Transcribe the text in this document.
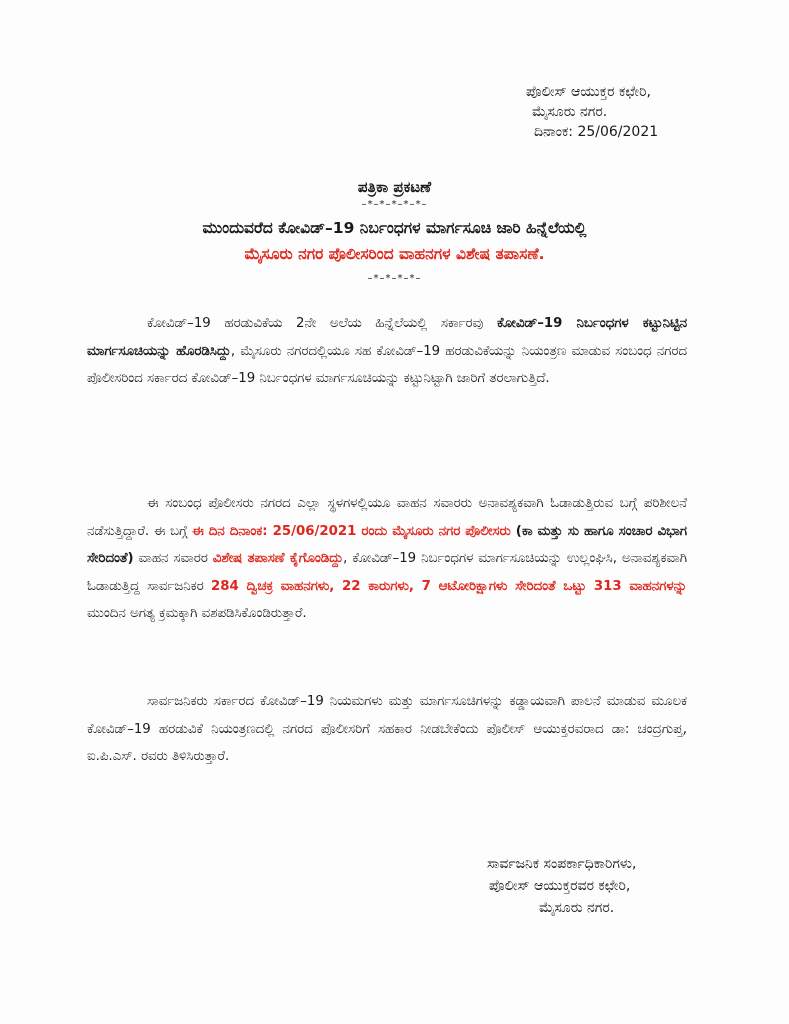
ಪೊಲೀಸ್ ಆಯುಕ್ತರ ಕಛೇರಿ,
ಮೈಸೂರು ನಗರ.
ದಿನಾಂಕ: 25/06/2021
ಪತ್ರಿಕಾ ಪ್ರಕಟಣೆ
–*–*–*–*–*–
ಮುಂದುವರೆದ ಕೋವಿಡ್–19 ನಿರ್ಬಂಧಗಳ ಮಾರ್ಗಸೂಚಿ ಜಾರಿ ಹಿನ್ನೆಲೆಯಲ್ಲಿ
ಮೈಸೂರು ನಗರ ಪೊಲೀಸರಿಂದ ವಾಹನಗಳ ವಿಶೇಷ ತಪಾಸಣೆ.
–*–*–*–*–
ಕೋವಿಡ್–19 ಹರಡುವಿಕೆಯ 2ನೇ ಅಲೆಯ ಹಿನ್ನೆಲೆಯಲ್ಲಿ ಸರ್ಕಾರವು ಕೋವಿಡ್–19 ನಿರ್ಬಂಧಗಳ ಕಟ್ಟುನಿಟ್ಟಿನ ಮಾರ್ಗಸೂಚಿಯನ್ನು ಹೊರಡಿಸಿದ್ದು, ಮೈಸೂರು ನಗರದಲ್ಲಿಯೂ ಸಹ ಕೋವಿಡ್–19 ಹರಡುವಿಕೆಯನ್ನು ನಿಯಂತ್ರಣ ಮಾಡುವ ಸಂಬಂಧ ನಗರದ ಪೊಲೀಸರಿಂದ ಸರ್ಕಾರದ ಕೋವಿಡ್–19 ನಿರ್ಬಂಧಗಳ ಮಾರ್ಗಸೂಚಿಯನ್ನು ಕಟ್ಟುನಿಟ್ಟಾಗಿ ಜಾರಿಗೆ ತರಲಾಗುತ್ತಿದೆ.
ಈ ಸಂಬಂಧ ಪೊಲೀಸರು ನಗರದ ಎಲ್ಲಾ ಸ್ಥಳಗಳಲ್ಲಿಯೂ ವಾಹನ ಸವಾರರು ಅನಾವಶ್ಯಕವಾಗಿ ಓಡಾಡುತ್ತಿರುವ ಬಗ್ಗೆ ಪರಿಶೀಲನೆ ನಡೆಸುತ್ತಿದ್ದಾರೆ. ಈ ಬಗ್ಗೆ ಈ ದಿನ ದಿನಾಂಕ: 25/06/2021 ರಂದು ಮೈಸೂರು ನಗರ ಪೊಲೀಸರು (ಕಾ ಮತ್ತು ಸು ಹಾಗೂ ಸಂಚಾರ ವಿಭಾಗ ಸೇರಿದಂತೆ) ವಾಹನ ಸವಾರರ ವಿಶೇಷ ತಪಾಸಣೆ ಕೈಗೊಂಡಿದ್ದು, ಕೋವಿಡ್–19 ನಿರ್ಬಂಧಗಳ ಮಾರ್ಗಸೂಚಿಯನ್ನು ಉಲ್ಲಂಘಿಸಿ, ಅನಾವಶ್ಯಕವಾಗಿ ಓಡಾಡುತ್ತಿದ್ದ ಸಾರ್ವಜನಿಕರ 284 ದ್ವಿಚಕ್ರ ವಾಹನಗಳು, 22 ಕಾರುಗಳು, 7 ಆಟೋರಿಕ್ಷಾಗಳು ಸೇರಿದಂತೆ ಒಟ್ಟು 313 ವಾಹನಗಳನ್ನು ಮುಂದಿನ ಅಗತ್ಯ ಕ್ರಮಕ್ಕಾಗಿ ವಶಪಡಿಸಿಕೊಂಡಿರುತ್ತಾರೆ.
ಸಾರ್ವಜನಿಕರು ಸರ್ಕಾರದ ಕೋವಿಡ್–19 ನಿಯಮಗಳು ಮತ್ತು ಮಾರ್ಗಸೂಚಿಗಳನ್ನು ಕಡ್ಡಾಯವಾಗಿ ಪಾಲನೆ ಮಾಡುವ ಮೂಲಕ ಕೋವಿಡ್–19 ಹರಡುವಿಕೆ ನಿಯಂತ್ರಣದಲ್ಲಿ ನಗರದ ಪೊಲೀಸರಿಗೆ ಸಹಕಾರ ನೀಡಬೇಕೆಂದು ಪೊಲೀಸ್ ಆಯುಕ್ತರವರಾದ ಡಾ: ಚಂದ್ರಗುಪ್ತ, ಐ.ಪಿ.ಎಸ್. ರವರು ತಿಳಿಸಿರುತ್ತಾರೆ.
ಸಾರ್ವಜನಿಕ ಸಂಪರ್ಕಾಧಿಕಾರಿಗಳು,
ಪೊಲೀಸ್ ಆಯುಕ್ತರವರ ಕಛೇರಿ,
ಮೈಸೂರು ನಗರ.
